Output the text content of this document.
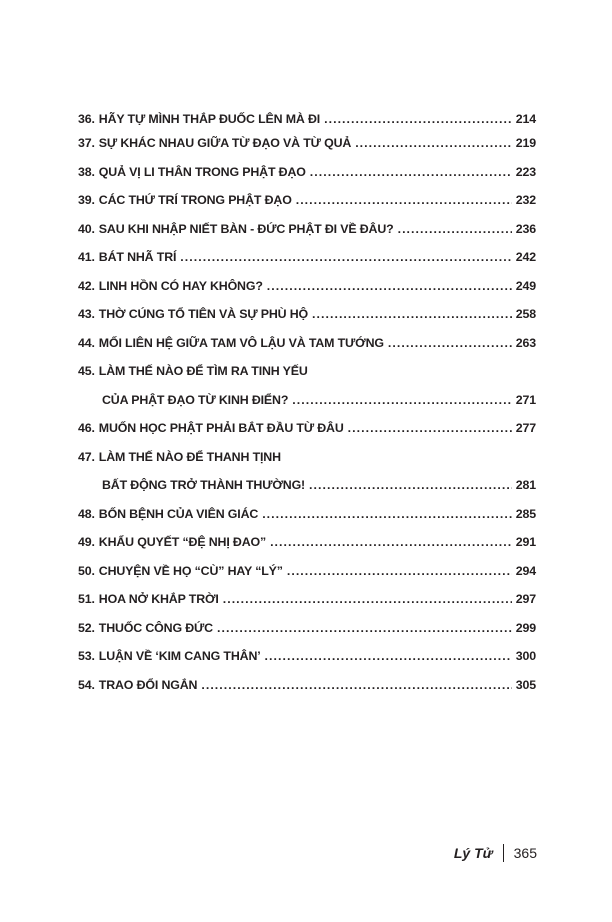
36. HÃY TỰ MÌNH THẮP ĐUỐC LÊN MÀ ĐI . . .	214
37. SỰ KHÁC NHAU GIỮA TỪ ĐẠO VÀ TỪ QUẢ . . .	219
38. QUẢ VỊ LI THÂN TRONG PHẬT ĐẠO . . .	223
39. CÁC THỨ TRÍ TRONG PHẬT ĐẠO . . .	232
40. SAU KHI NHẬP NIẾT BÀN - ĐỨC PHẬT ĐI VỀ ĐÂU? . . .	236
41. BÁT NHÃ TRÍ . . .	242
42. LINH HỒN CÓ HAY KHÔNG? . . .	249
43. THỜ CÚNG TỔ TIÊN VÀ SỰ PHÙ HỘ . . .	258
44. MỐI LIÊN HỆ GIỮA TAM VÔ LẬU VÀ TAM TƯỚNG . . .	263
45. LÀM THẾ NÀO ĐỂ TÌM RA TINH YẾU
CỦA PHẬT ĐẠO TỪ KINH ĐIỂN? . . .	271
46. MUỐN HỌC PHẬT PHẢI BẮT ĐẦU TỪ ĐÂU . . .	277
47. LÀM THẾ NÀO ĐỂ THANH TỊNH
BẤT ĐỘNG TRỞ THÀNH THƯỜNG! . . .	281
48. BỐN BỆNH CỦA VIÊN GIÁC . . .	285
49. KHẨU QUYẾT “ĐỆ NHỊ ĐAO” . . .	291
50. CHUYỆN VỀ HỌ “CÙ” HAY “LÝ” . . .	294
51. HOA NỞ KHẮP TRỜI . . .	297
52. THUỐC CÔNG ĐỨC . . .	299
53. LUẬN VỀ ‘KIM CANG THÂN’ . . .	300
54. TRAO ĐỔI NGẮN . . .	305
Lý Tử 365
